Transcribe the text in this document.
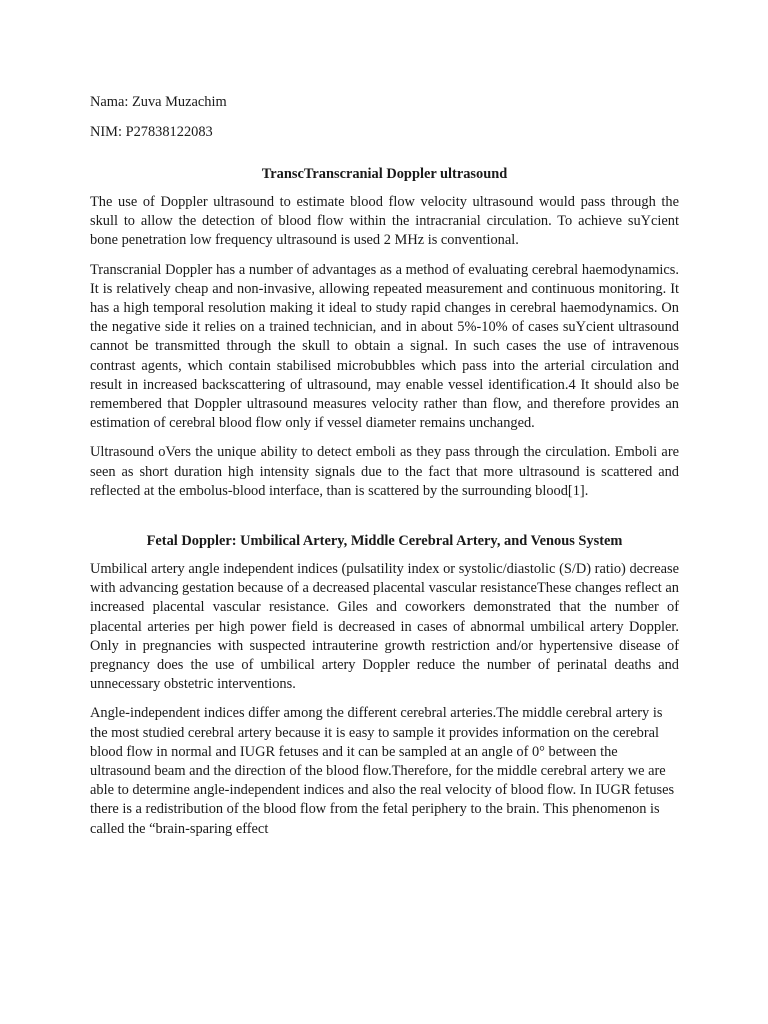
Nama: Zuva Muzachim

NIM: P27838122083

TranscTranscranial Doppler ultrasound

The use of Doppler ultrasound to estimate blood flow velocity ultrasound would pass through the skull to allow the detection of blood flow within the intracranial circulation. To achieve suYcient bone penetration low frequency ultrasound is used 2 MHz is conventional.

Transcranial Doppler has a number of advantages as a method of evaluating cerebral haemodynamics. It is relatively cheap and non-invasive, allowing repeated measurement and continuous monitoring. It has a high temporal resolution making it ideal to study rapid changes in cerebral haemodynamics. On the negative side it relies on a trained technician, and in about 5%-10% of cases suYcient ultrasound cannot be transmitted through the skull to obtain a signal. In such cases the use of intravenous contrast agents, which contain stabilised microbubbles which pass into the arterial circulation and result in increased backscattering of ultrasound, may enable vessel identification.4 It should also be remembered that Doppler ultrasound measures velocity rather than flow, and therefore provides an estimation of cerebral blood flow only if vessel diameter remains unchanged.

Ultrasound oVers the unique ability to detect emboli as they pass through the circulation. Emboli are seen as short duration high intensity signals due to the fact that more ultrasound is scattered and reflected at the embolus-blood interface, than is scattered by the surrounding blood[1].

Fetal Doppler: Umbilical Artery, Middle Cerebral Artery, and Venous System

Umbilical artery angle independent indices (pulsatility index or systolic/diastolic (S/D) ratio) decrease with advancing gestation because of a decreased placental vascular resistanceThese changes reflect an increased placental vascular resistance. Giles and coworkers demonstrated that the number of placental arteries per high power field is decreased in cases of abnormal umbilical artery Doppler. Only in pregnancies with suspected intrauterine growth restriction and/or hypertensive disease of pregnancy does the use of umbilical artery Doppler reduce the number of perinatal deaths and unnecessary obstetric interventions.

Angle-independent indices differ among the different cerebral arteries.The middle cerebral artery is the most studied cerebral artery because it is easy to sample it provides information on the cerebral blood flow in normal and IUGR fetuses and it can be sampled at an angle of 0° between the ultrasound beam and the direction of the blood flow.Therefore, for the middle cerebral artery we are able to determine angle-independent indices and also the real velocity of blood flow. In IUGR fetuses there is a redistribution of the blood flow from the fetal periphery to the brain. This phenomenon is called the “brain-sparing effect
